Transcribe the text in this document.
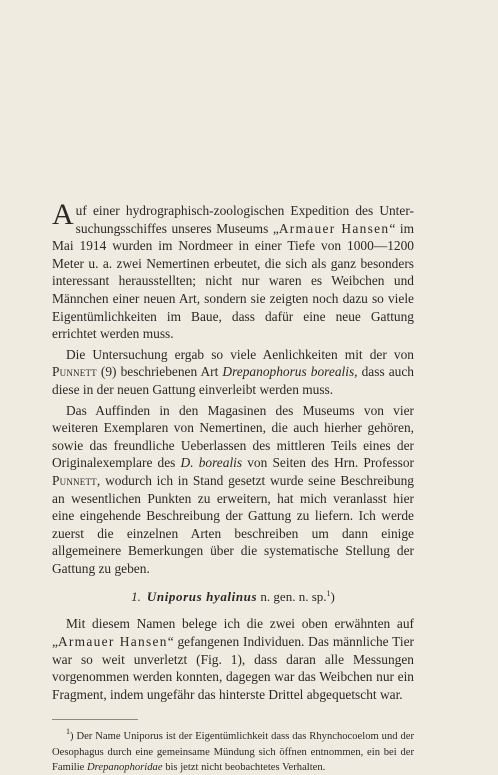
Auf einer hydrographisch-zoologischen Expedition des Unter- suchungsschiffes unseres Museums „Armauer Hansen“ im Mai 1914 wurden im Nordmeer in einer Tiefe von 1000—1200 Meter u. a. zwei Nemertinen erbeutet, die sich als ganz besonders interessant herausstellten; nicht nur waren es Weibchen und Männchen einer neuen Art, sondern sie zeigten noch dazu so viele Eigentümlichkeiten im Baue, dass dafür eine neue Gattung errichtet werden muss.

Die Untersuchung ergab so viele Aenlichkeiten mit der von Punnett (9) beschriebenen Art Drepanophorus borealis, dass auch diese in der neuen Gattung einverleibt werden muss.

Das Auffinden in den Magasinen des Museums von vier weiteren Exemplaren von Nemertinen, die auch hierher gehören, sowie das freundliche Ueberlassen des mittleren Teils eines der Originalexemplare des D. borealis von Seiten des Hrn. Professor Punnett, wodurch ich in Stand gesetzt wurde seine Beschreibung an wesentlichen Punkten zu erweitern, hat mich veranlasst hier eine eingehende Beschreibung der Gattung zu liefern. Ich werde zuerst die einzelnen Arten beschreiben um dann einige allgemeinere Bemerkungen über die systematische Stellung der Gattung zu geben.

1. Uniporus hyalinus n. gen. n. sp.$^1$)

Mit diesem Namen belege ich die zwei oben erwähnten auf „Armauer Hansen“ gefangenen Individuen. Das männliche Tier war so weit unverletzt (Fig. 1), dass daran alle Messungen vorgenommen werden konnten, dagegen war das Weibchen nur ein Fragment, indem ungefähr das hinterste Drittel abgequetscht war.

$^1$) Der Name Uniporus ist der Eigentümlichkeit dass das Rhynchocoelom und der Oesophagus durch eine gemeinsame Mündung sich öffnen entnommen, ein bei der Familie Drepanophoridae bis jetzt nicht beobachtetes Verhalten.
